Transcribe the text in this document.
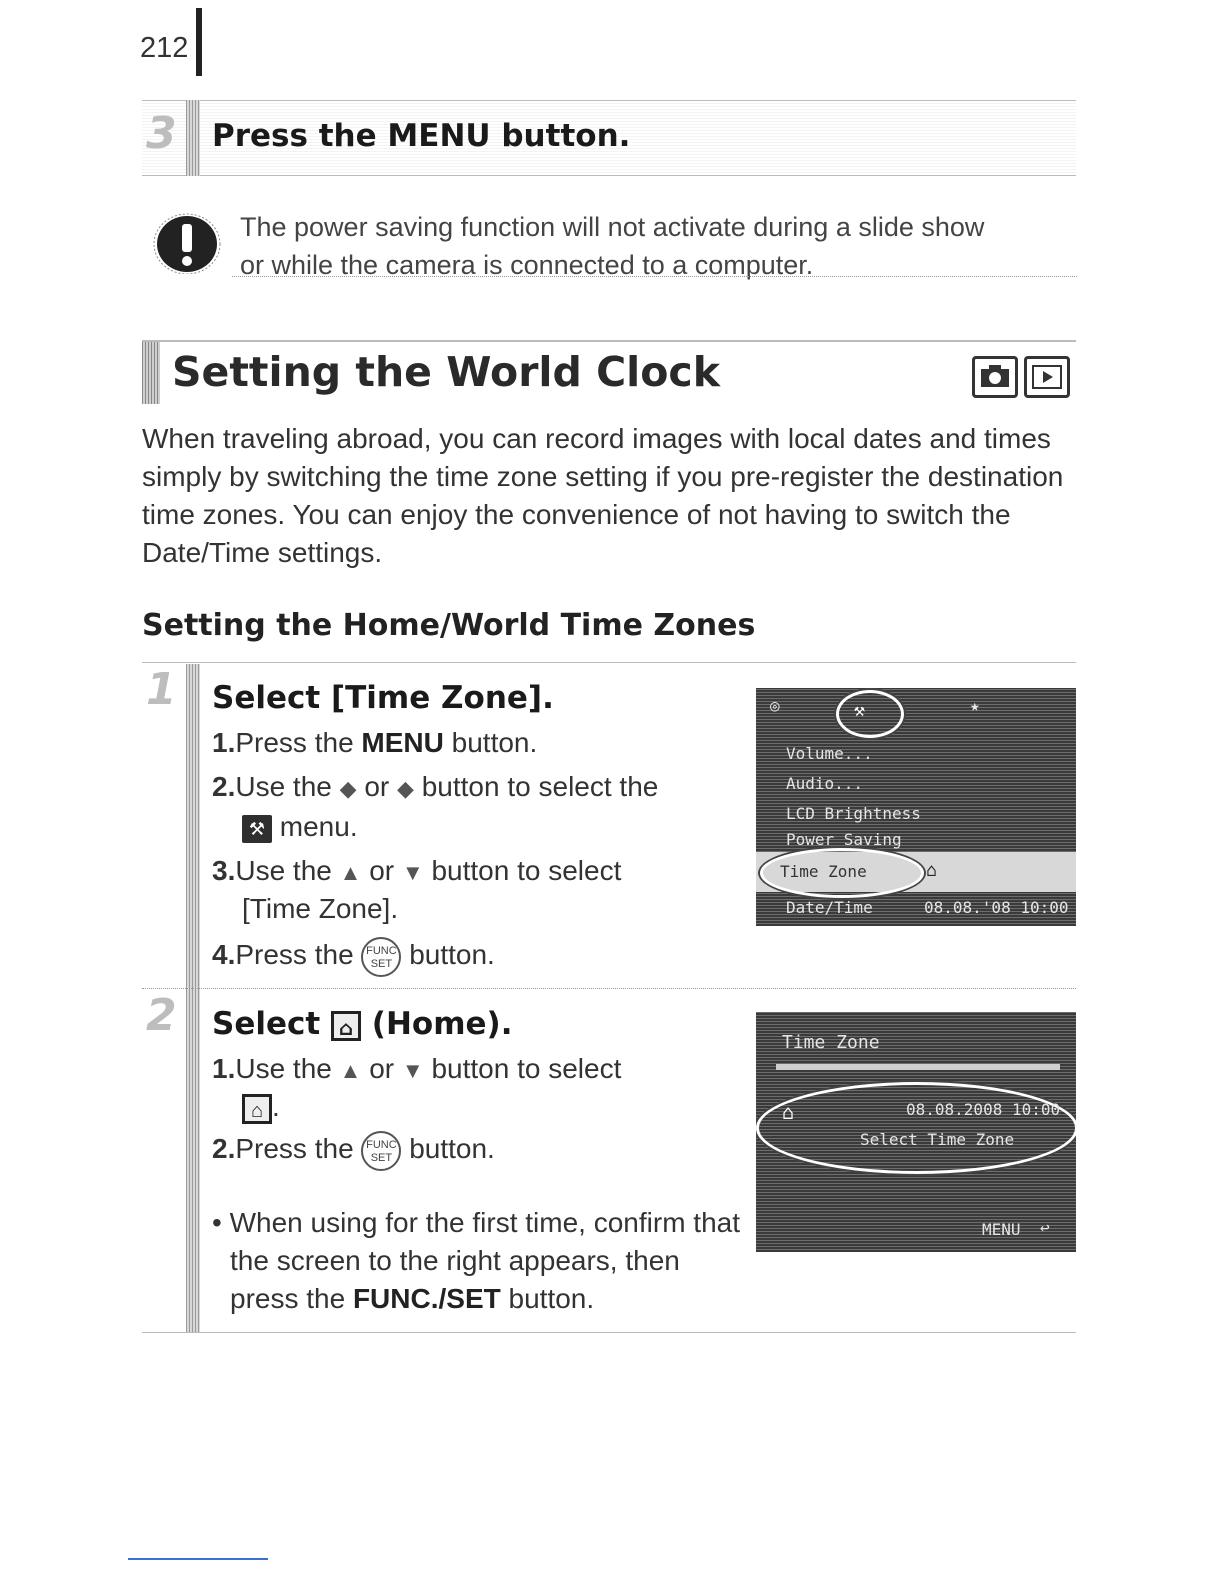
212
3 Press the MENU button.
The power saving function will not activate during a slide show
or while the camera is connected to a computer.
Setting the World Clock
When traveling abroad, you can record images with local dates and times simply by switching the time zone setting if you pre-register the destination time zones. You can enjoy the convenience of not having to switch the Date/Time settings.
Setting the Home/World Time Zones
1 Select [Time Zone].
1.Press the MENU button.
2.Use the ◆ or ◆ button to select the
⚒ menu.
3.Use the ▲ or ▼ button to select
[Time Zone].
4.Press the FUNC
SET button.
◎	⚒	★
Volume...
Audio...
LCD Brightness
Power Saving
Time Zone	⌂
Date/Time	08.08.'08 10:00
2 Select ⌂ (Home).
1.Use the ▲ or ▼ button to select
⌂ .
2.Press the FUNC
SET button.
• When using for the first time, confirm that the screen to the right appears, then press the FUNC./SET button.
Time Zone
⌂	08.08.2008 10:00
Select Time Zone
MENU ↩
